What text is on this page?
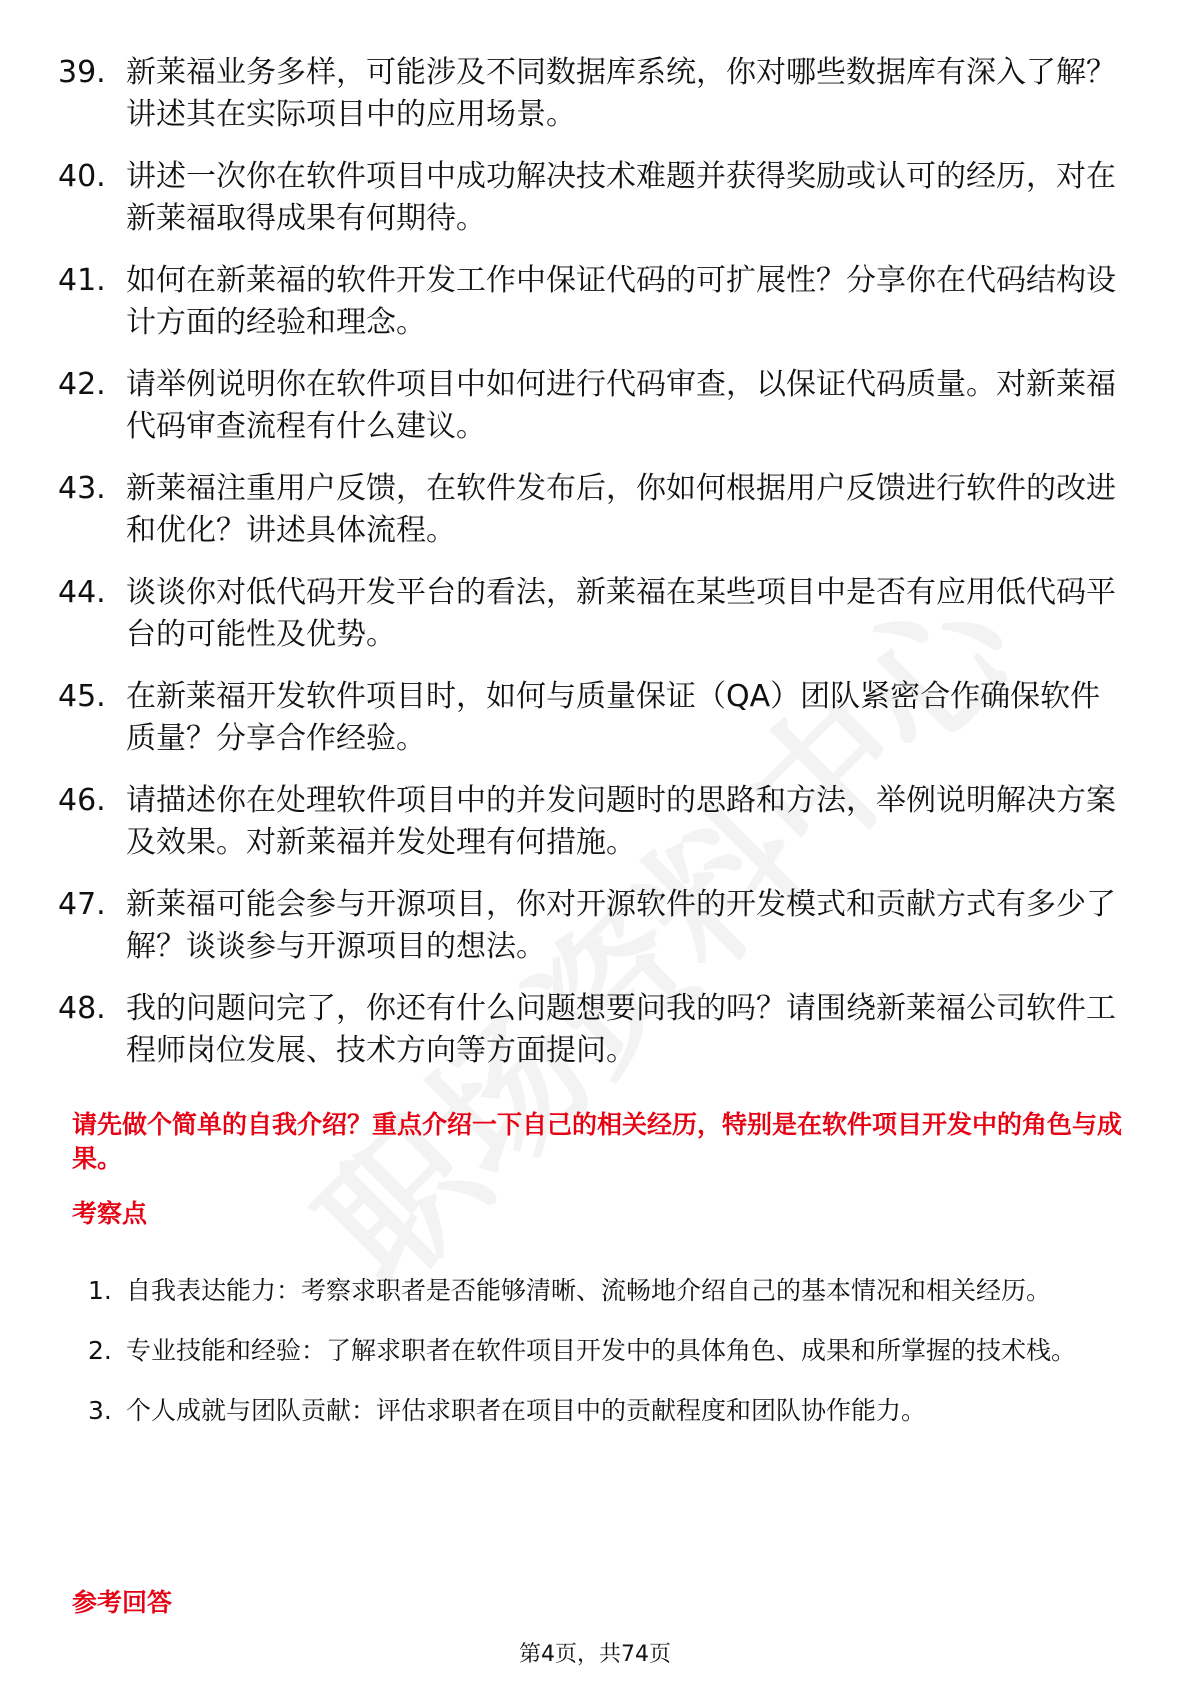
39. 新莱福业务多样，可能涉及不同数据库系统，你对哪些数据库有深入了解？讲述其在实际项目中的应用场景。
40. 讲述一次你在软件项目中成功解决技术难题并获得奖励或认可的经历，对在新莱福取得成果有何期待。
41. 如何在新莱福的软件开发工作中保证代码的可扩展性？分享你在代码结构设计方面的经验和理念。
42. 请举例说明你在软件项目中如何进行代码审查，以保证代码质量。对新莱福代码审查流程有什么建议。
43. 新莱福注重用户反馈，在软件发布后，你如何根据用户反馈进行软件的改进和优化？讲述具体流程。
44. 谈谈你对低代码开发平台的看法，新莱福在某些项目中是否有应用低代码平台的可能性及优势。
45. 在新莱福开发软件项目时，如何与质量保证（QA）团队紧密合作确保软件质量？分享合作经验。
46. 请描述你在处理软件项目中的并发问题时的思路和方法，举例说明解决方案及效果。对新莱福并发处理有何措施。
47. 新莱福可能会参与开源项目，你对开源软件的开发模式和贡献方式有多少了解？谈谈参与开源项目的想法。
48. 我的问题问完了，你还有什么问题想要问我的吗？请围绕新莱福公司软件工程师岗位发展、技术方向等方面提问。
请先做个简单的自我介绍？重点介绍一下自己的相关经历，特别是在软件项目开发中的角色与成果。
考察点
1. 自我表达能力：考察求职者是否能够清晰、流畅地介绍自己的基本情况和相关经历。
2. 专业技能和经验：了解求职者在软件项目开发中的具体角色、成果和所掌握的技术栈。
3. 个人成就与团队贡献：评估求职者在项目中的贡献程度和团队协作能力。
参考回答
第4页，共74页
